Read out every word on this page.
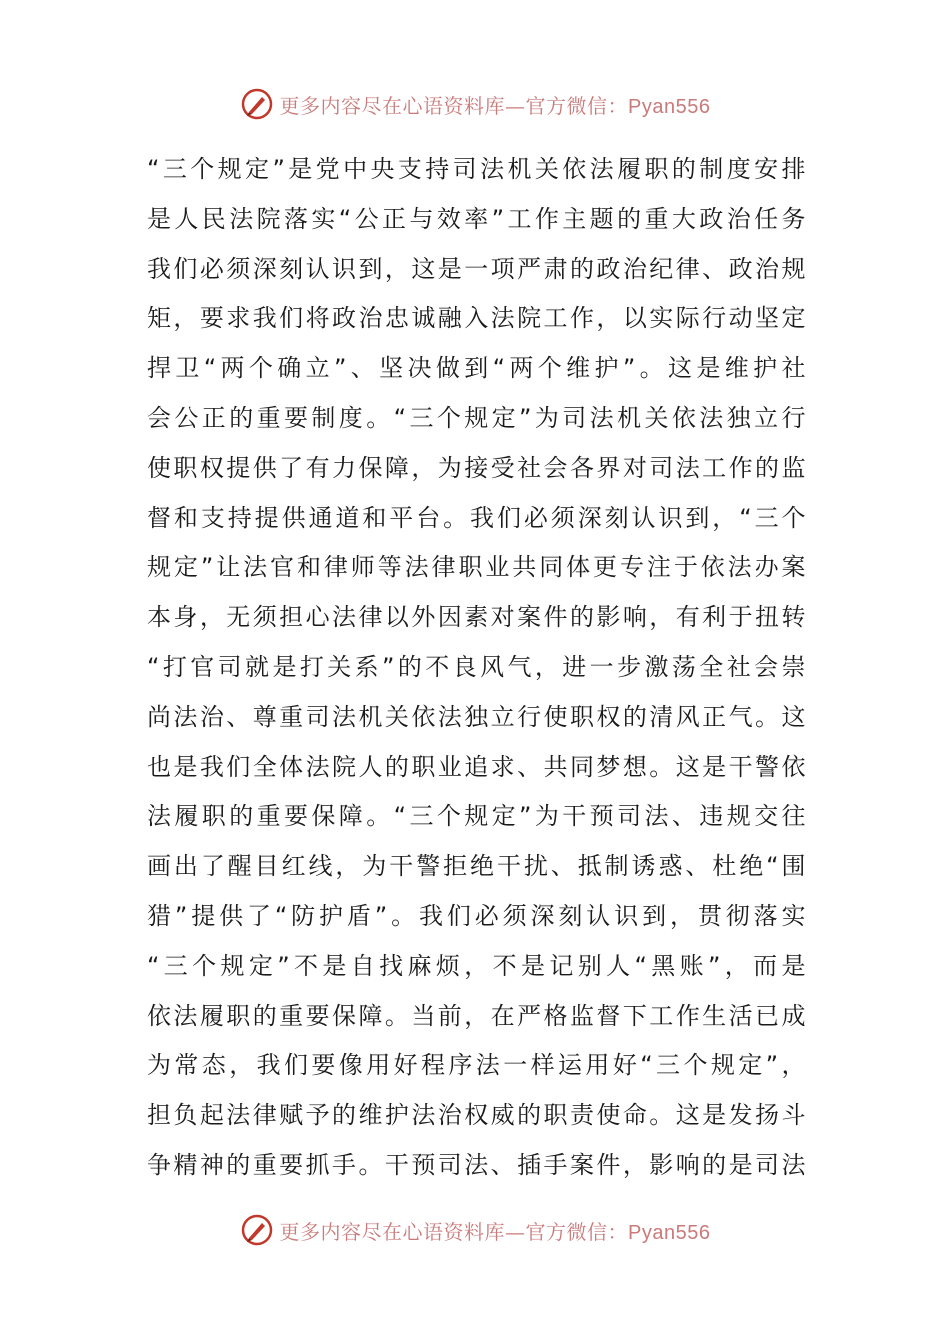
更多内容尽在心语资料库—官方微信：Pyan556
“三个规定”是党中央支持司法机关依法履职的制度安排
是人民法院落实“公正与效率”工作主题的重大政治任务
我们必须深刻认识到，这是一项严肃的政治纪律、政治规
矩，要求我们将政治忠诚融入法院工作，以实际行动坚定
捍卫“两个确立”、坚决做到“两个维护”。这是维护社
会公正的重要制度。“三个规定”为司法机关依法独立行
使职权提供了有力保障，为接受社会各界对司法工作的监
督和支持提供通道和平台。我们必须深刻认识到，“三个
规定”让法官和律师等法律职业共同体更专注于依法办案
本身，无须担心法律以外因素对案件的影响，有利于扭转
“打官司就是打关系”的不良风气，进一步激荡全社会崇
尚法治、尊重司法机关依法独立行使职权的清风正气。这
也是我们全体法院人的职业追求、共同梦想。这是干警依
法履职的重要保障。“三个规定”为干预司法、违规交往
画出了醒目红线，为干警拒绝干扰、抵制诱惑、杜绝“围
猎”提供了“防护盾”。我们必须深刻认识到，贯彻落实
“三个规定”不是自找麻烦，不是记别人“黑账”，而是
依法履职的重要保障。当前，在严格监督下工作生活已成
为常态，我们要像用好程序法一样运用好“三个规定”，
担负起法律赋予的维护法治权威的职责使命。这是发扬斗
争精神的重要抓手。干预司法、插手案件，影响的是司法
更多内容尽在心语资料库—官方微信：Pyan556
